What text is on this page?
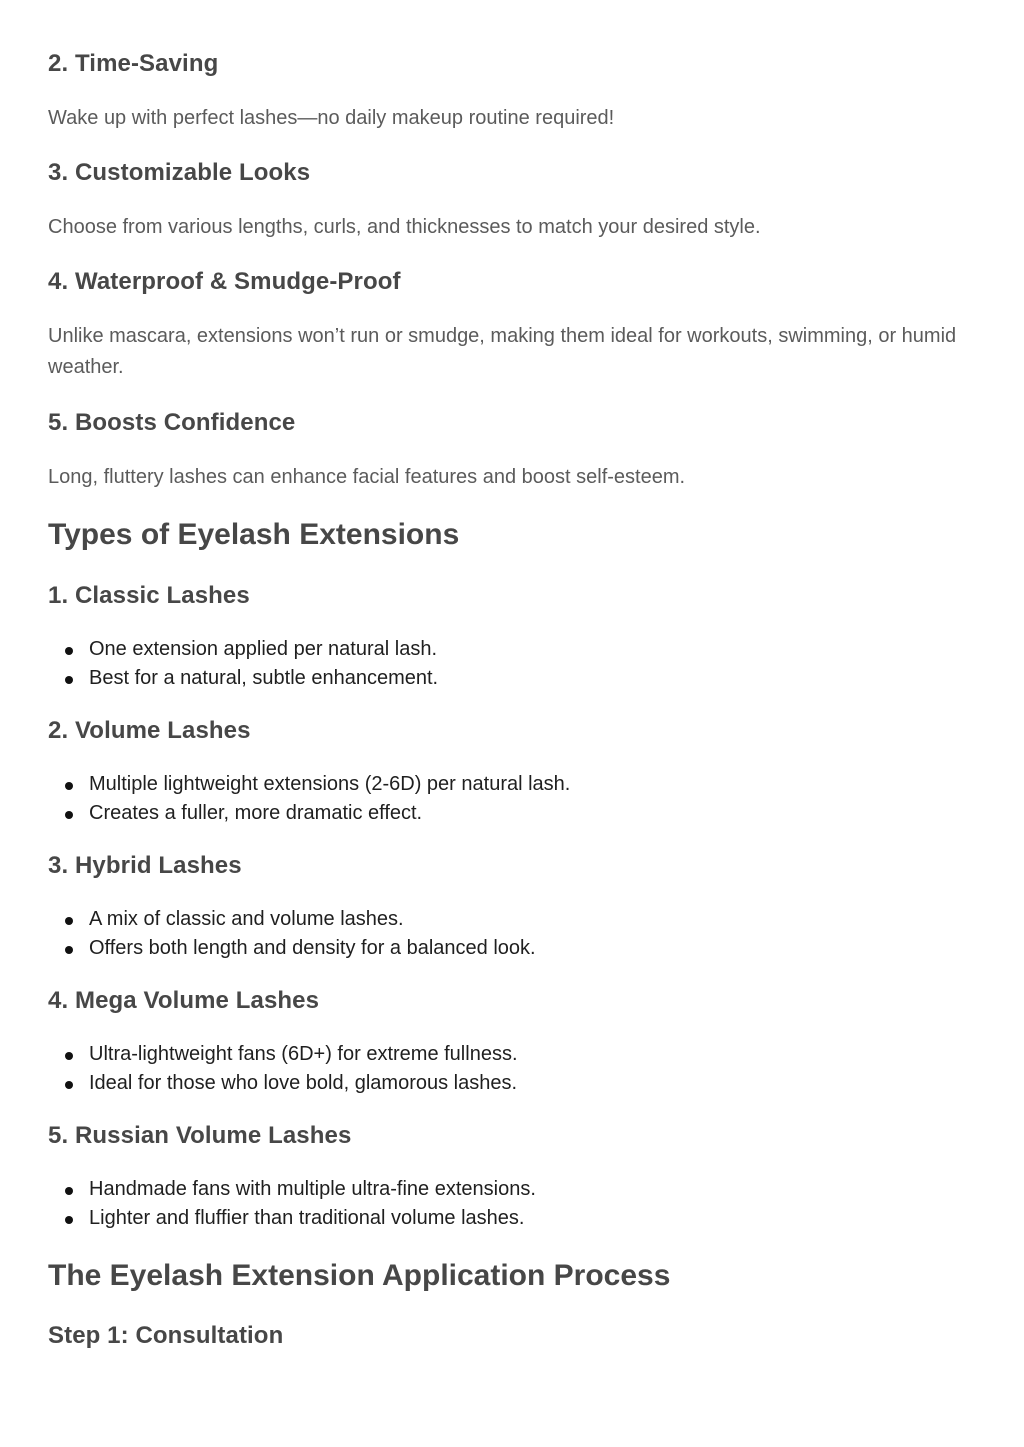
2. Time-Saving

Wake up with perfect lashes—no daily makeup routine required!

3. Customizable Looks

Choose from various lengths, curls, and thicknesses to match your desired style.

4. Waterproof & Smudge-Proof

Unlike mascara, extensions won’t run or smudge, making them ideal for workouts, swimming, or humid weather.

5. Boosts Confidence

Long, fluttery lashes can enhance facial features and boost self-esteem.

Types of Eyelash Extensions
1. Classic Lashes
One extension applied per natural lash.
Best for a natural, subtle enhancement.
2. Volume Lashes
Multiple lightweight extensions (2-6D) per natural lash.
Creates a fuller, more dramatic effect.
3. Hybrid Lashes
A mix of classic and volume lashes.
Offers both length and density for a balanced look.
4. Mega Volume Lashes
Ultra-lightweight fans (6D+) for extreme fullness.
Ideal for those who love bold, glamorous lashes.
5. Russian Volume Lashes
Handmade fans with multiple ultra-fine extensions.
Lighter and fluffier than traditional volume lashes.
The Eyelash Extension Application Process
Step 1: Consultation
